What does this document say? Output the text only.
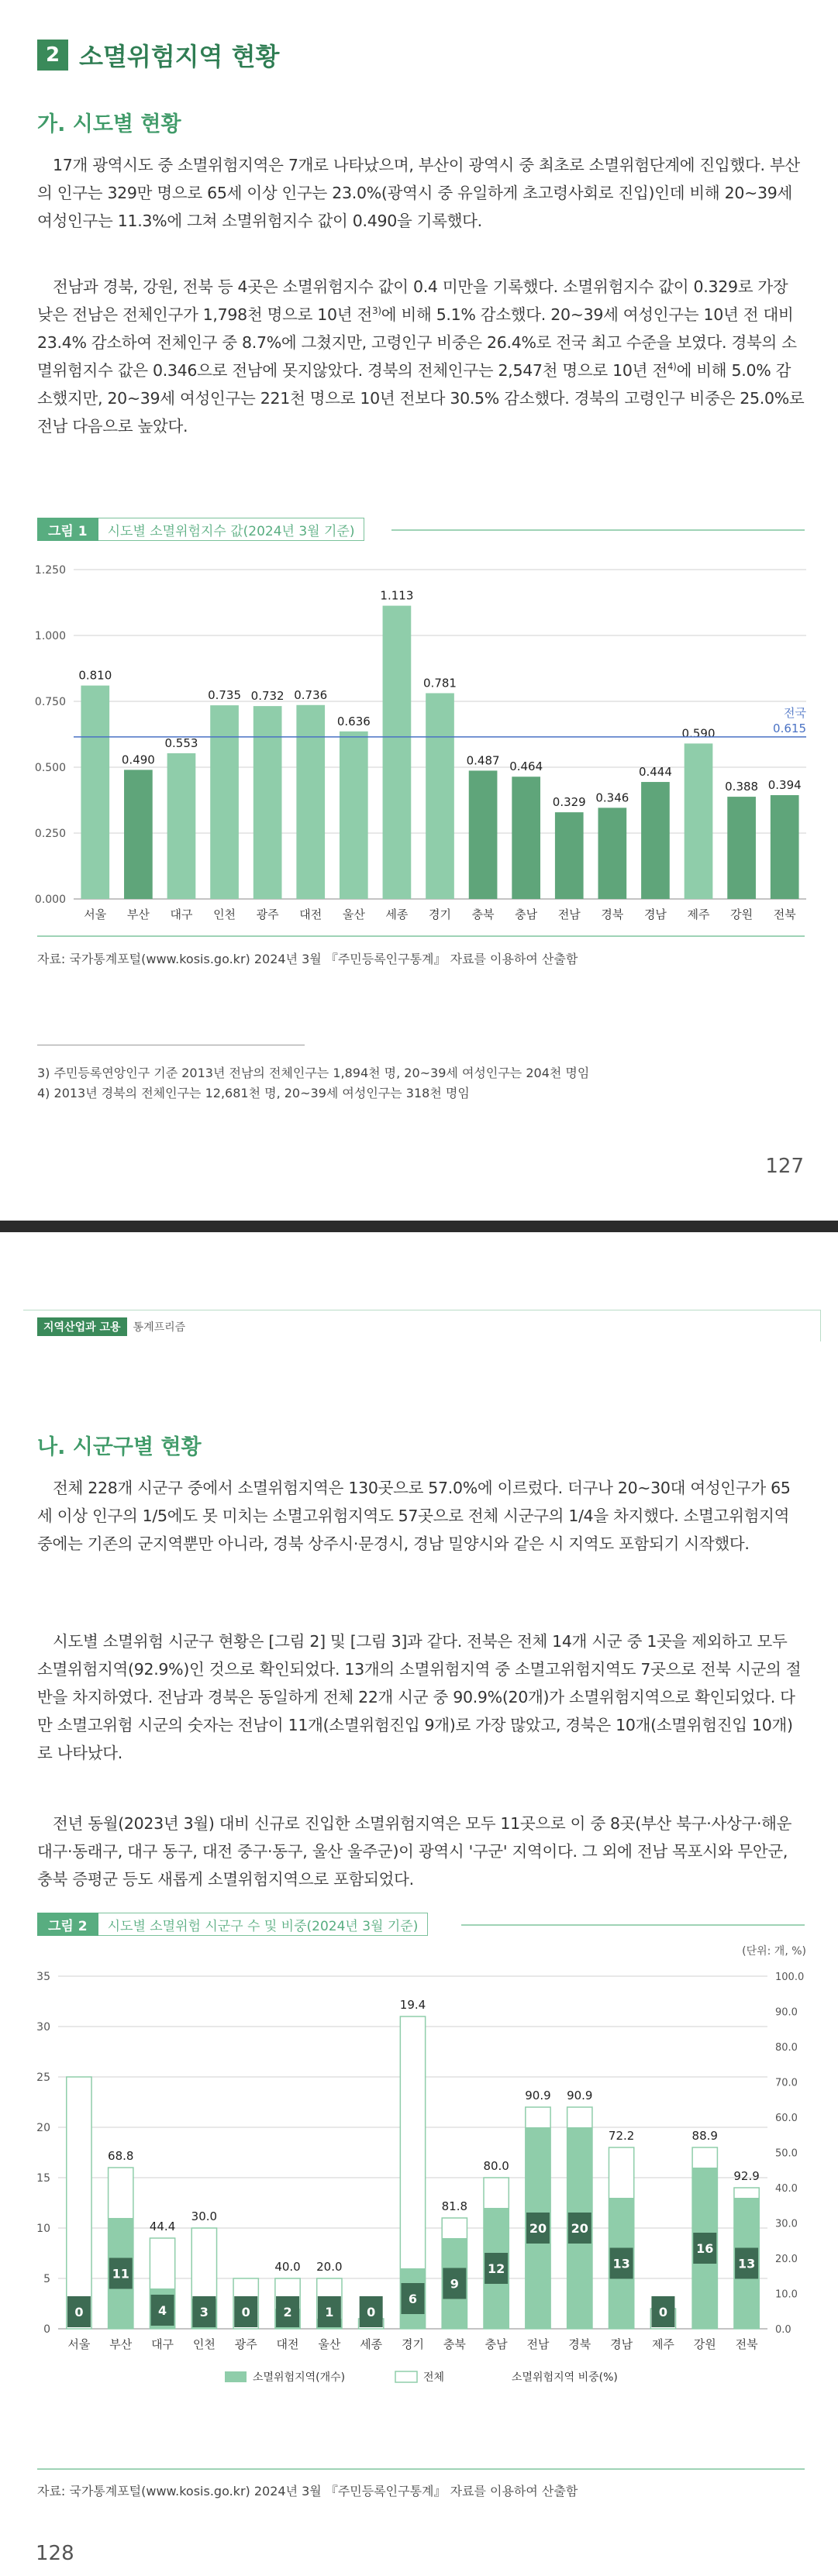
2 소멸위험지역 현황
가. 시도별 현황

17개 광역시도 중 소멸위험지역은 7개로 나타났으며, 부산이 광역시 중 최초로 소멸위험단계에 진입했다. 부산의 인구는 329만 명으로 65세 이상 인구는 23.0%(광역시 중 유일하게 초고령사회로 진입)인데 비해 20~39세 여성인구는 11.3%에 그쳐 소멸위험지수 값이 0.490을 기록했다.

전남과 경북, 강원, 전북 등 4곳은 소멸위험지수 값이 0.4 미만을 기록했다. 소멸위험지수 값이 0.329로 가장 낮은 전남은 전체인구가 1,798천 명으로 10년 전$^{3)}$에 비해 5.1% 감소했다. 20~39세 여성인구는 10년 전 대비 23.4% 감소하여 전체인구 중 8.7%에 그쳤지만, 고령인구 비중은 26.4%로 전국 최고 수준을 보였다. 경북의 소멸위험지수 값은 0.346으로 전남에 못지않았다. 경북의 전체인구는 2,547천 명으로 10년 전$^{4)}$에 비해 5.0% 감소했지만, 20~39세 여성인구는 221천 명으로 10년 전보다 30.5% 감소했다. 경북의 고령인구 비중은 25.0%로 전남 다음으로 높았다.

그림 1	시도별 소멸위험지수 값(2024년 3월 기준)
0.000
0.250
0.500
0.750
1.000
1.250
0.810
서울
0.490
부산
0.553
대구
0.735
인천
0.732
광주
0.736
대전
0.636
울산
1.113
세종
0.781
경기
0.487
충북
0.464
충남
0.329
전남
0.346
경북
0.444
경남
0.590
제주
0.388
강원
0.394
전북
전국
0.615
자료: 국가통계포털(www.kosis.go.kr) 2024년 3월 『주민등록인구통계』 자료를 이용하여 산출함
3) 주민등록연앙인구 기준 2013년 전남의 전체인구는 1,894천 명, 20~39세 여성인구는 204천 명임
4) 2013년 경북의 전체인구는 12,681천 명, 20~39세 여성인구는 318천 명임
127
지역산업과 고용	통계프리즘
나. 시군구별 현황

전체 228개 시군구 중에서 소멸위험지역은 130곳으로 57.0%에 이르렀다. 더구나 20~30대 여성인구가 65세 이상 인구의 1/5에도 못 미치는 소멸고위험지역도 57곳으로 전체 시군구의 1/4을 차지했다. 소멸고위험지역 중에는 기존의 군지역뿐만 아니라, 경북 상주시·문경시, 경남 밀양시와 같은 시 지역도 포함되기 시작했다.

시도별 소멸위험 시군구 현황은 [그림 2] 및 [그림 3]과 같다. 전북은 전체 14개 시군 중 1곳을 제외하고 모두 소멸위험지역(92.9%)인 것으로 확인되었다. 13개의 소멸위험지역 중 소멸고위험지역도 7곳으로 전북 시군의 절반을 차지하였다. 전남과 경북은 동일하게 전체 22개 시군 중 90.9%(20개)가 소멸위험지역으로 확인되었다. 다만 소멸고위험 시군의 숫자는 전남이 11개(소멸위험진입 9개)로 가장 많았고, 경북은 10개(소멸위험진입 10개)로 나타났다.

전년 동월(2023년 3월) 대비 신규로 진입한 소멸위험지역은 모두 11곳으로 이 중 8곳(부산 북구·사상구·해운대구·동래구, 대구 동구, 대전 중구·동구, 울산 울주군)이 광역시 '구군' 지역이다. 그 외에 전남 목포시와 무안군, 충북 증평군 등도 새롭게 소멸위험지역으로 포함되었다.

그림 2	시도별 소멸위험 시군구 수 및 비중(2024년 3월 기준)
(단위: 개, %)
0
5
10
15
20
25
30
35
0.0
10.0
20.0
30.0
40.0
50.0
60.0
70.0
80.0
90.0
100.0
0
서울
11
68.8
부산
4
44.4
대구
3
30.0
인천
0
광주
2
40.0
대전
1
20.0
울산
0
세종
6
19.4
경기
9
81.8
충북
12
80.0
충남
20
90.9
전남
20
90.9
경북
13
72.2
경남
0
제주
16
88.9
강원
13
92.9
전북
소멸위험지역(개수)	전체	소멸위험지역 비중(%)
자료: 국가통계포털(www.kosis.go.kr) 2024년 3월 『주민등록인구통계』 자료를 이용하여 산출함
128
